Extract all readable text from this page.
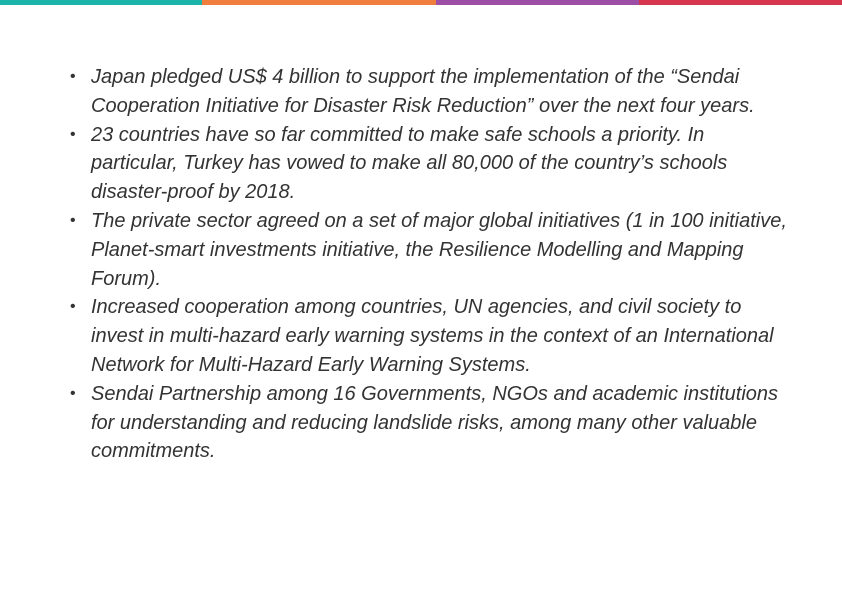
• Japan pledged US$ 4 billion to support the implementation of the “Sendai Cooperation Initiative for Disaster Risk Reduction” over the next four years.
• 23 countries have so far committed to make safe schools a priority. In particular, Turkey has vowed to make all 80,000 of the country’s schools disaster-proof by 2018.
• The private sector agreed on a set of major global initiatives (1 in 100 initiative, Planet-smart investments initiative, the Resilience Modelling and Mapping Forum).
• Increased cooperation among countries, UN agencies, and civil society to invest in multi-hazard early warning systems in the context of an International Network for Multi-Hazard Early Warning Systems.
• Sendai Partnership among 16 Governments, NGOs and academic institutions for understanding and reducing landslide risks, among many other valuable commitments.
